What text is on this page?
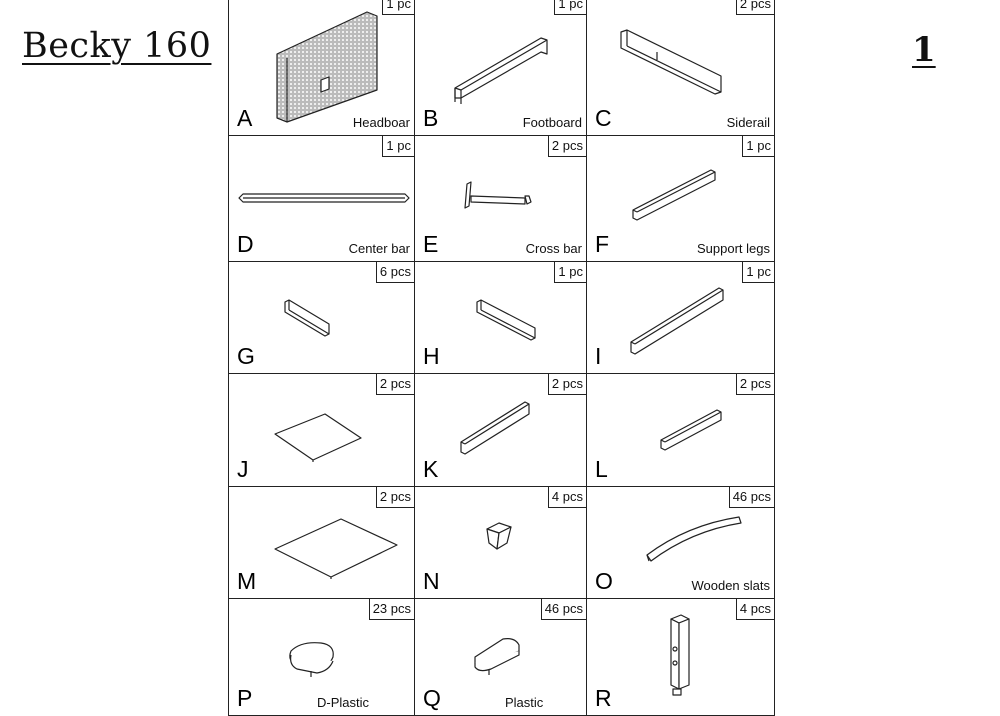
Becky 160	1
1 pc
A	Headboar
1 pc
B	Footboard
2 pcs
C	Siderail
1 pc
D	Center bar
2 pcs
E	Cross bar
1 pc
F	Support legs
6 pcs
G
1 pc
H
1 pc
I
2 pcs
J
2 pcs
K
2 pcs
L
2 pcs
M
4 pcs
N
46 pcs
O	Wooden slats
23 pcs
P	D-Plastic
46 pcs
Q	Plastic
4 pcs
R
